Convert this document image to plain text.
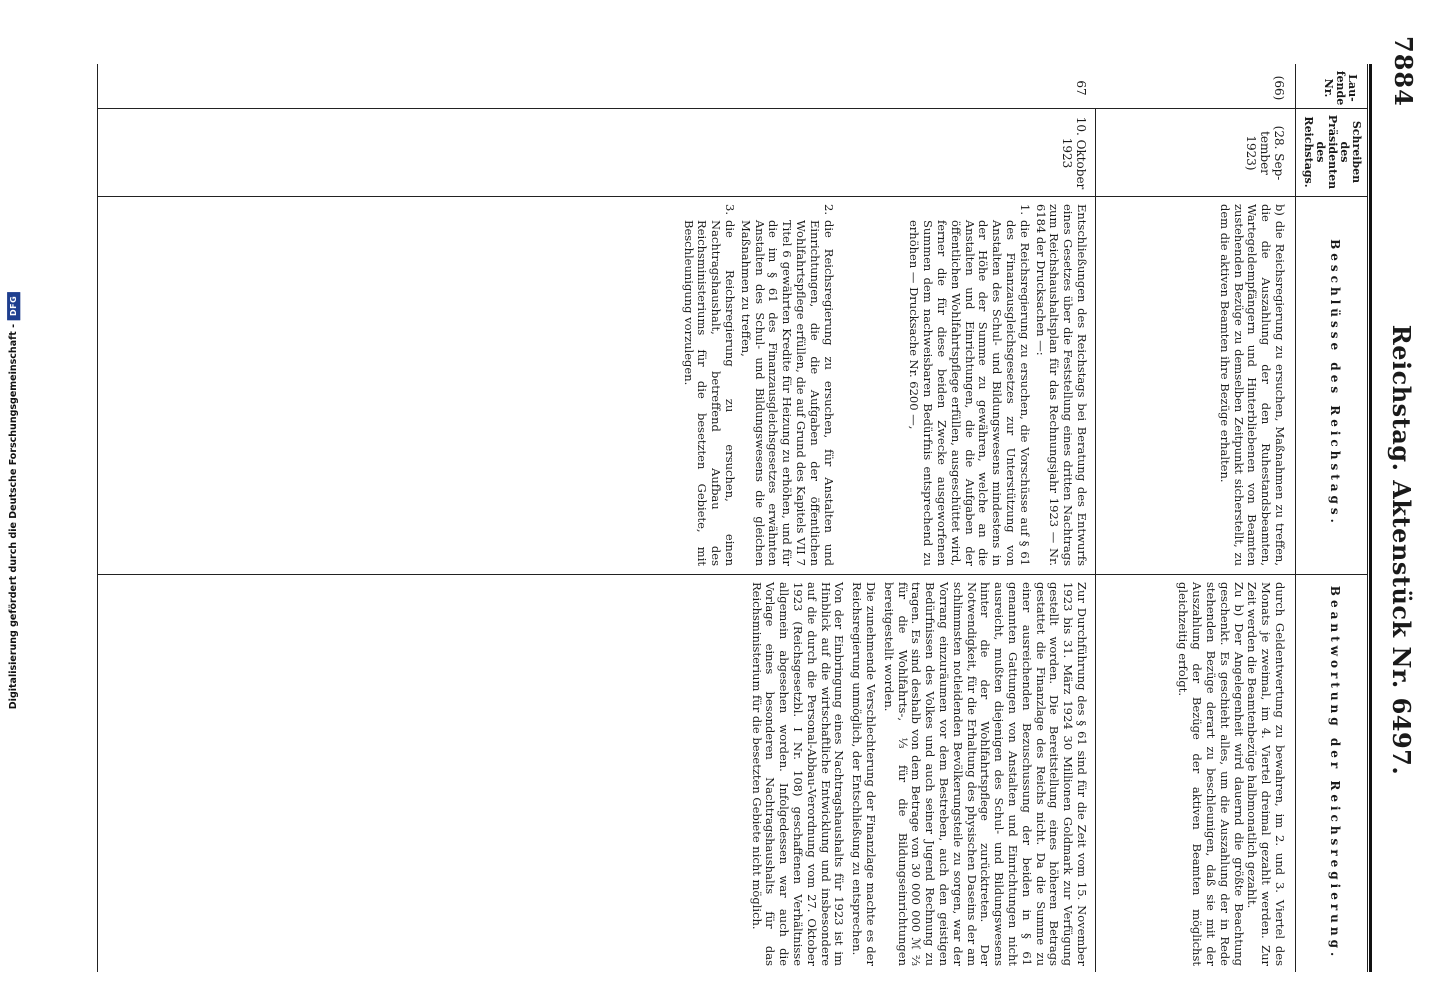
Digitalisierung gefördert durch die Deutsche Forschungsgemeinschaft -
DFG
7884
Reichstag. Aktenstück Nr. 6497.
Lau-
fende
Nr.
Schreiben
des
Präsidenten
des
Reichstags.
Beschlüsse des Reichstags.
Beantwortung der Reichsregierung.
(66)
(28. Sep-
tember
1923)
b) die Reichsregierung zu ersuchen, Maßnahmen zu treffen, die die Auszahlung der den Ruhestandsbeamten, Wartegeldempfängern und Hinterbliebenen von Beamten zustehenden Bezüge zu demselben Zeitpunkt sicherstellt, zu dem die aktiven Beamten ihre Bezüge erhalten.
durch Geldentwertung zu bewahren, im 2. und 3. Viertel des Monats je zweimal, im 4. Viertel dreimal gezahlt werden. Zur Zeit werden die Beamtenbezüge halbmonatlich gezahlt.
Zu b) Der Angelegenheit wird dauernd die größte Beachtung geschenkt. Es geschieht alles, um die Auszahlung der in Rede stehenden Bezüge derart zu beschleunigen, daß sie mit der Auszahlung der Bezüge der aktiven Beamten möglichst gleichzeitig erfolgt.
67
10. Oktober
1923

Entschließungen des Reichstags bei Beratung des Entwurfs eines Gesetzes über die Feststellung eines dritten Nachtrags zum Reichshaushaltsplan für das Rechnungsjahr 1923 — Nr. 6184 der Drucksachen —:

1.

die Reichsregierung zu ersuchen, die Vorschüsse auf § 61 des Finanzausgleichsgesetzes zur Unterstützung von Anstalten des Schul- und Bildungswesens mindestens in der Höhe der Summe zu gewähren, welche an die Anstalten und Einrichtungen, die die Aufgaben der öffentlichen Wohlfahrtspflege erfüllen, ausgeschüttet wird, ferner die für diese beiden Zwecke ausgeworfenen Summen dem nachweisbaren Bedürfnis entsprechend zu erhöhen — Drucksache Nr. 6200 —,

2.

die Reichsregierung zu ersuchen, für Anstalten und Einrichtungen, die die Aufgaben der öffentlichen Wohlfahrtspflege erfüllen, die auf Grund des Kapitels VII 7 Titel 6 gewährten Kredite für Heizung zu erhöhen, und für die im § 61 des Finanzausgleichsgesetzes erwähnten Anstalten des Schul- und Bildungswesens die gleichen Maßnahmen zu treffen,

3.

die Reichsregierung zu ersuchen, einen Nachtragshaushalt, betreffend Aufbau des Reichsministeriums für die besetzten Gebiete, mit Beschleunigung vorzulegen.

Zur Durchführung des § 61 sind für die Zeit vom 15. November 1923 bis 31. März 1924 30 Millionen Goldmark zur Verfügung gestellt worden. Die Bereitstellung eines höheren Betrags gestattet die Finanzlage des Reichs nicht. Da die Summe zu einer ausreichenden Bezuschussung der beiden in § 61 genannten Gattungen von Anstalten und Einrichtungen nicht ausreicht, mußten diejenigen des Schul- und Bildungswesens hinter die der Wohlfahrtspflege zurücktreten. Der Notwendigkeit, für die Erhaltung des physischen Daseins der am schlimmsten notleidenden Bevölkerungsteile zu sorgen, war der Vorrang einzuräumen vor dem Bestreben, auch den geistigen Bedürfnissen des Volkes und auch seiner Jugend Rechnung zu tragen. Es sind deshalb von dem Betrage von 30 000 000 ℳ ⅔ für die Wohlfahrts-, ⅓ für die Bildungseinrichtungen bereitgestellt worden.

Die zunehmende Verschlechterung der Finanzlage machte es der Reichsregierung unmöglich, der Entschließung zu entsprechen.

Von der Einbringung eines Nachtragshaushalts für 1923 ist im Hinblick auf die wirtschaftliche Entwicklung und insbesondere auf die durch die Personal-Abbau-Verordnung vom 27. Oktober 1923 (Reichsgesetzbl. I Nr. 108) geschaffenen Verhältnisse allgemein abgesehen worden. Infolgedessen war auch die Vorlage eines besonderen Nachtragshaushalts für das Reichsministerium für die besetzten Gebiete nicht möglich.
